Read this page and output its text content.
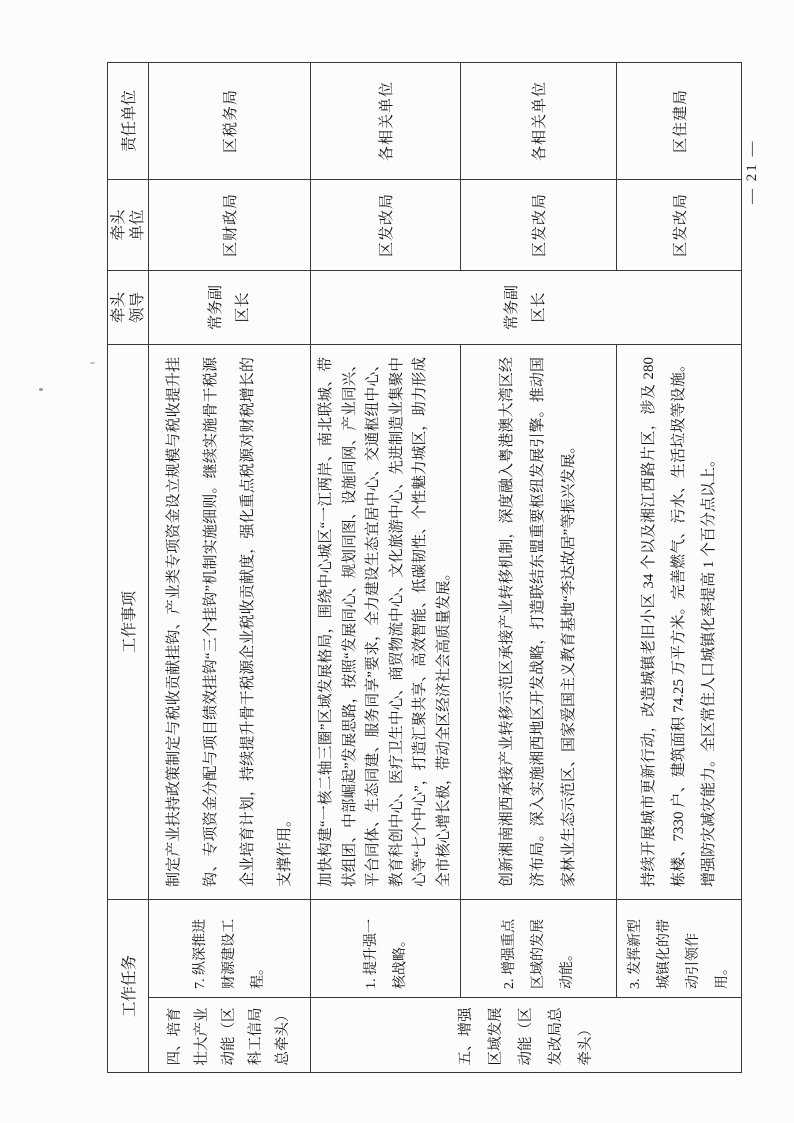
工作任务		工作事项	牵头领导	牵头单位	责任单位
四、培育壮大产业动能（区科工信局总牵头）	7. 纵深推进财源建设工程。	制定产业扶持政策制定与税收贡献挂钩、产业类专项资金设立规模与税收提升挂钩、专项资金分配与项目绩效挂钩“三个挂钩”机制实施细则。继续实施骨干税源企业培育计划，持续提升骨干税源企业税收贡献度，强化重点税源对财税增长的支撑作用。	常务副区长	区财政局	区税务局
五、增强区域发展动能（区发改局总牵头）	1. 提升强一核战略。	加快构建“一核二轴三圈”区域发展格局，围绕中心城区“一江两岸、南北联城、带状组团、中部崛起”发展思路，按照“发展同心、规划同图、设施同网、产业同兴、平台同体、生态同建、服务同享”要求，全力建设生态宜居中心、交通枢纽中心、教育科创中心、医疗卫生中心、商贸物流中心、文化旅游中心、先进制造业集聚中心等“七个中心”，打造汇聚共享、高效智能、低碳韧性、个性魅力城区，助力形成全市核心增长极，带动全区经济社会高质量发展。	常务副区长	区发改局	各相关单位
	2. 增强重点区域的发展动能。	创新湘南湘西承接产业转移示范区承接产业转移机制，深度融入粤港澳大湾区经济布局。深入实施湘西地区开发战略，打造联结东盟重要枢纽发展引擎。推动国家林业生态示范区、国家爱国主义教育基地“李达故居”等振兴发展。		区发改局	各相关单位
	3. 发挥新型城镇化的带动引领作用。	持续开展城市更新行动，改造城镇老旧小区 34 个以及湘江西路片区，涉及 280 栋楼、7330 户、建筑面积 74.25 万平方米。完善燃气、污水、生活垃圾等设施。增强防灾减灾能力。全区常住人口城镇化率提高 1 个百分点以上。		区发改局	区住建局
— 21 —
